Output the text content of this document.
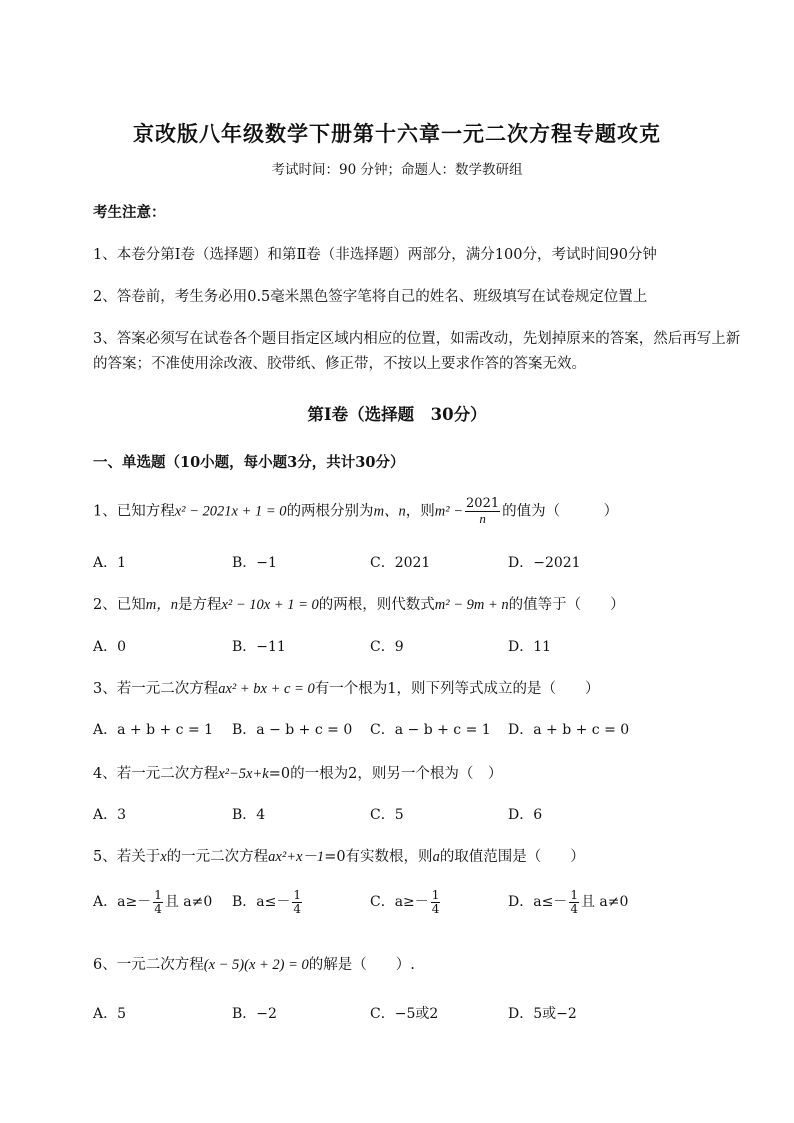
京改版八年级数学下册第十六章一元二次方程专题攻克
考试时间：90 分钟；命题人：数学教研组
考生注意：
1、本卷分第I卷（选择题）和第Ⅱ卷（非选择题）两部分，满分100分，考试时间90分钟
2、答卷前，考生务必用0.5毫米黑色签字笔将自己的姓名、班级填写在试卷规定位置上
3、答案必须写在试卷各个题目指定区域内相应的位置，如需改动，先划掉原来的答案，然后再写上新
的答案；不准使用涂改液、胶带纸、修正带，不按以上要求作答的答案无效。
第Ⅰ卷（选择题　30分）
一、单选题（10小题，每小题3分，共计30分）
1、已知方程x² − 2021x + 1 = 0的两根分别为m、n，则$m^2 - \frac{2021}{n}$ 的值为（　　　）
A．1	B．−1	C．2021	D．−2021
2、已知m，n是方程x² − 10x + 1 = 0的两根，则代数式m² − 9m + n的值等于（　　）
A．0	B．−11	C．9	D．11
3、若一元二次方程ax² + bx + c = 0有一个根为1，则下列等式成立的是（　　）
A．a + b + c = 1 B．a − b + c = 0 C．a − b + c = 1 D．a + b + c = 0
4、若一元二次方程x²−5x+k=0的一根为2，则另一个根为（　）
A．3	B．4	C．5	D．6
5、若关于x的一元二次方程ax²+x－1=0有实数根，则a的取值范围是（　　）
A．$a\ge- \frac{1}{4}$ 且 a≠0 B．$a\le- \frac{1}{4}$	C．$a\ge- \frac{1}{4}$	D．$a\le- \frac{1}{4}$ 且 a≠0
6、一元二次方程(x − 5)(x + 2) = 0的解是（　　）.
A．5	B．−2	C．−5或2	D．5或−2
